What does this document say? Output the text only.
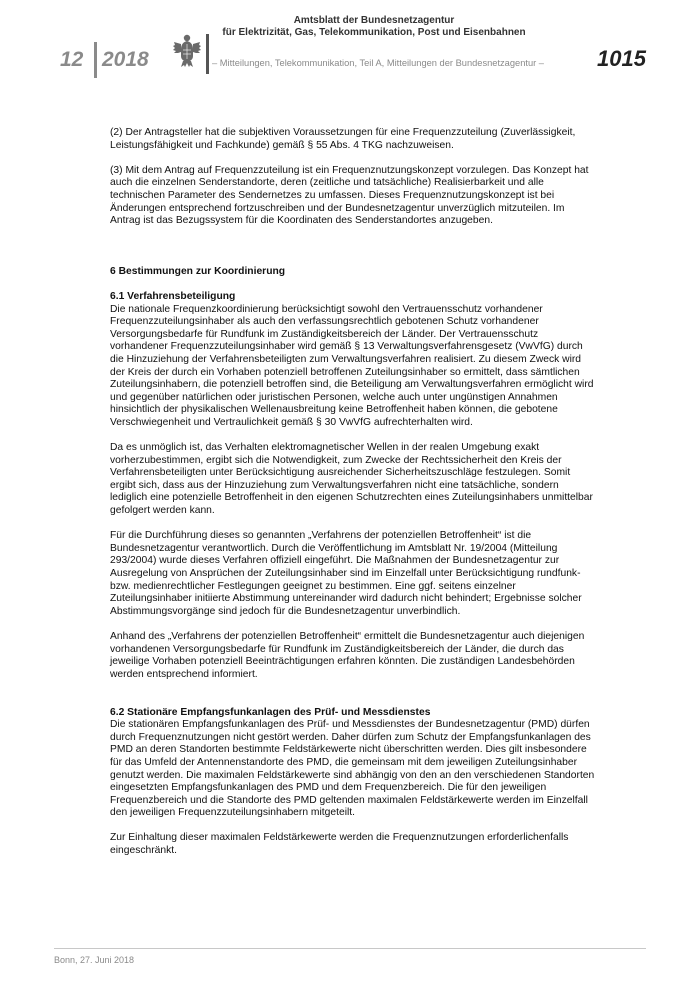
12 2018
Amtsblatt der Bundesnetzagentur
für Elektrizität, Gas, Telekommunikation, Post und Eisenbahnen
– Mitteilungen, Telekommunikation, Teil A, Mitteilungen der Bundesnetzagentur – 1015

(2) Der Antragsteller hat die subjektiven Voraussetzungen für eine Frequenzzuteilung (Zuverlässigkeit, Leistungsfähigkeit und Fachkunde) gemäß § 55 Abs. 4 TKG nachzuweisen.

(3) Mit dem Antrag auf Frequenzzuteilung ist ein Frequenznutzungskonzept vorzulegen. Das Konzept hat auch die einzelnen Senderstandorte, deren (zeitliche und tatsächliche) Realisierbarkeit und alle technischen Parameter des Sendernetzes zu umfassen. Dieses Frequenznutzungskonzept ist bei Änderungen entsprechend fortzuschreiben und der Bundesnetzagentur unverzüglich mitzuteilen. Im Antrag ist das Bezugssystem für die Koordinaten des Senderstandortes anzugeben.

6 Bestimmungen zur Koordinierung

6.1 Verfahrensbeteiligung

Die nationale Frequenzkoordinierung berücksichtigt sowohl den Vertrauensschutz vorhandener Frequenzzuteilungsinhaber als auch den verfassungsrechtlich gebotenen Schutz vorhandener Versorgungsbedarfe für Rundfunk im Zuständigkeitsbereich der Länder. Der Vertrauensschutz vorhandener Frequenzzuteilungsinhaber wird gemäß § 13 Verwaltungsverfahrensgesetz (VwVfG) durch die Hinzuziehung der Verfahrensbeteiligten zum Verwaltungsverfahren realisiert. Zu diesem Zweck wird der Kreis der durch ein Vorhaben potenziell betroffenen Zuteilungsinhaber so ermittelt, dass sämtlichen Zuteilungsinhabern, die potenziell betroffen sind, die Beteiligung am Verwaltungsverfahren ermöglicht wird und gegenüber natürlichen oder juristischen Personen, welche auch unter ungünstigen Annahmen hinsichtlich der physikalischen Wellenausbreitung keine Betroffenheit haben können, die gebotene Verschwiegenheit und Vertraulichkeit gemäß § 30 VwVfG aufrechterhalten wird.

Da es unmöglich ist, das Verhalten elektromagnetischer Wellen in der realen Umgebung exakt vorherzubestimmen, ergibt sich die Notwendigkeit, zum Zwecke der Rechtssicherheit den Kreis der Verfahrensbeteiligten unter Berücksichtigung ausreichender Sicherheitszuschläge festzulegen. Somit ergibt sich, dass aus der Hinzuziehung zum Verwaltungsverfahren nicht eine tatsächliche, sondern lediglich eine potenzielle Betroffenheit in den eigenen Schutzrechten eines Zuteilungsinhabers unmittelbar gefolgert werden kann.

Für die Durchführung dieses so genannten „Verfahrens der potenziellen Betroffenheit“ ist die Bundesnetzagentur verantwortlich. Durch die Veröffentlichung im Amtsblatt Nr. 19/2004 (Mitteilung 293/2004) wurde dieses Verfahren offiziell eingeführt. Die Maßnahmen der Bundesnetzagentur zur Ausregelung von Ansprüchen der Zuteilungsinhaber sind im Einzelfall unter Berücksichtigung rundfunk- bzw. medienrechtlicher Festlegungen geeignet zu bestimmen. Eine ggf. seitens einzelner Zuteilungsinhaber initiierte Abstimmung untereinander wird dadurch nicht behindert; Ergebnisse solcher Abstimmungsvorgänge sind jedoch für die Bundesnetzagentur unverbindlich.

Anhand des „Verfahrens der potenziellen Betroffenheit“ ermittelt die Bundesnetzagentur auch diejenigen vorhandenen Versorgungsbedarfe für Rundfunk im Zuständigkeitsbereich der Länder, die durch das jeweilige Vorhaben potenziell Beeinträchtigungen erfahren könnten. Die zuständigen Landesbehörden werden entsprechend informiert.

6.2 Stationäre Empfangsfunkanlagen des Prüf- und Messdienstes

Die stationären Empfangsfunkanlagen des Prüf- und Messdienstes der Bundesnetzagentur (PMD) dürfen durch Frequenznutzungen nicht gestört werden. Daher dürfen zum Schutz der Empfangsfunkanlagen des PMD an deren Standorten bestimmte Feldstärkewerte nicht überschritten werden. Dies gilt insbesondere für das Umfeld der Antennenstandorte des PMD, die gemeinsam mit dem jeweiligen Zuteilungsinhaber genutzt werden. Die maximalen Feldstärkewerte sind abhängig von den an den verschiedenen Standorten eingesetzten Empfangsfunkanlagen des PMD und dem Frequenzbereich. Die für den jeweiligen Frequenzbereich und die Standorte des PMD geltenden maximalen Feldstärkewerte werden im Einzelfall den jeweiligen Frequenzzuteilungsinhabern mitgeteilt.

Zur Einhaltung dieser maximalen Feldstärkewerte werden die Frequenznutzungen erforderlichenfalls eingeschränkt.

Bonn, 27. Juni 2018
